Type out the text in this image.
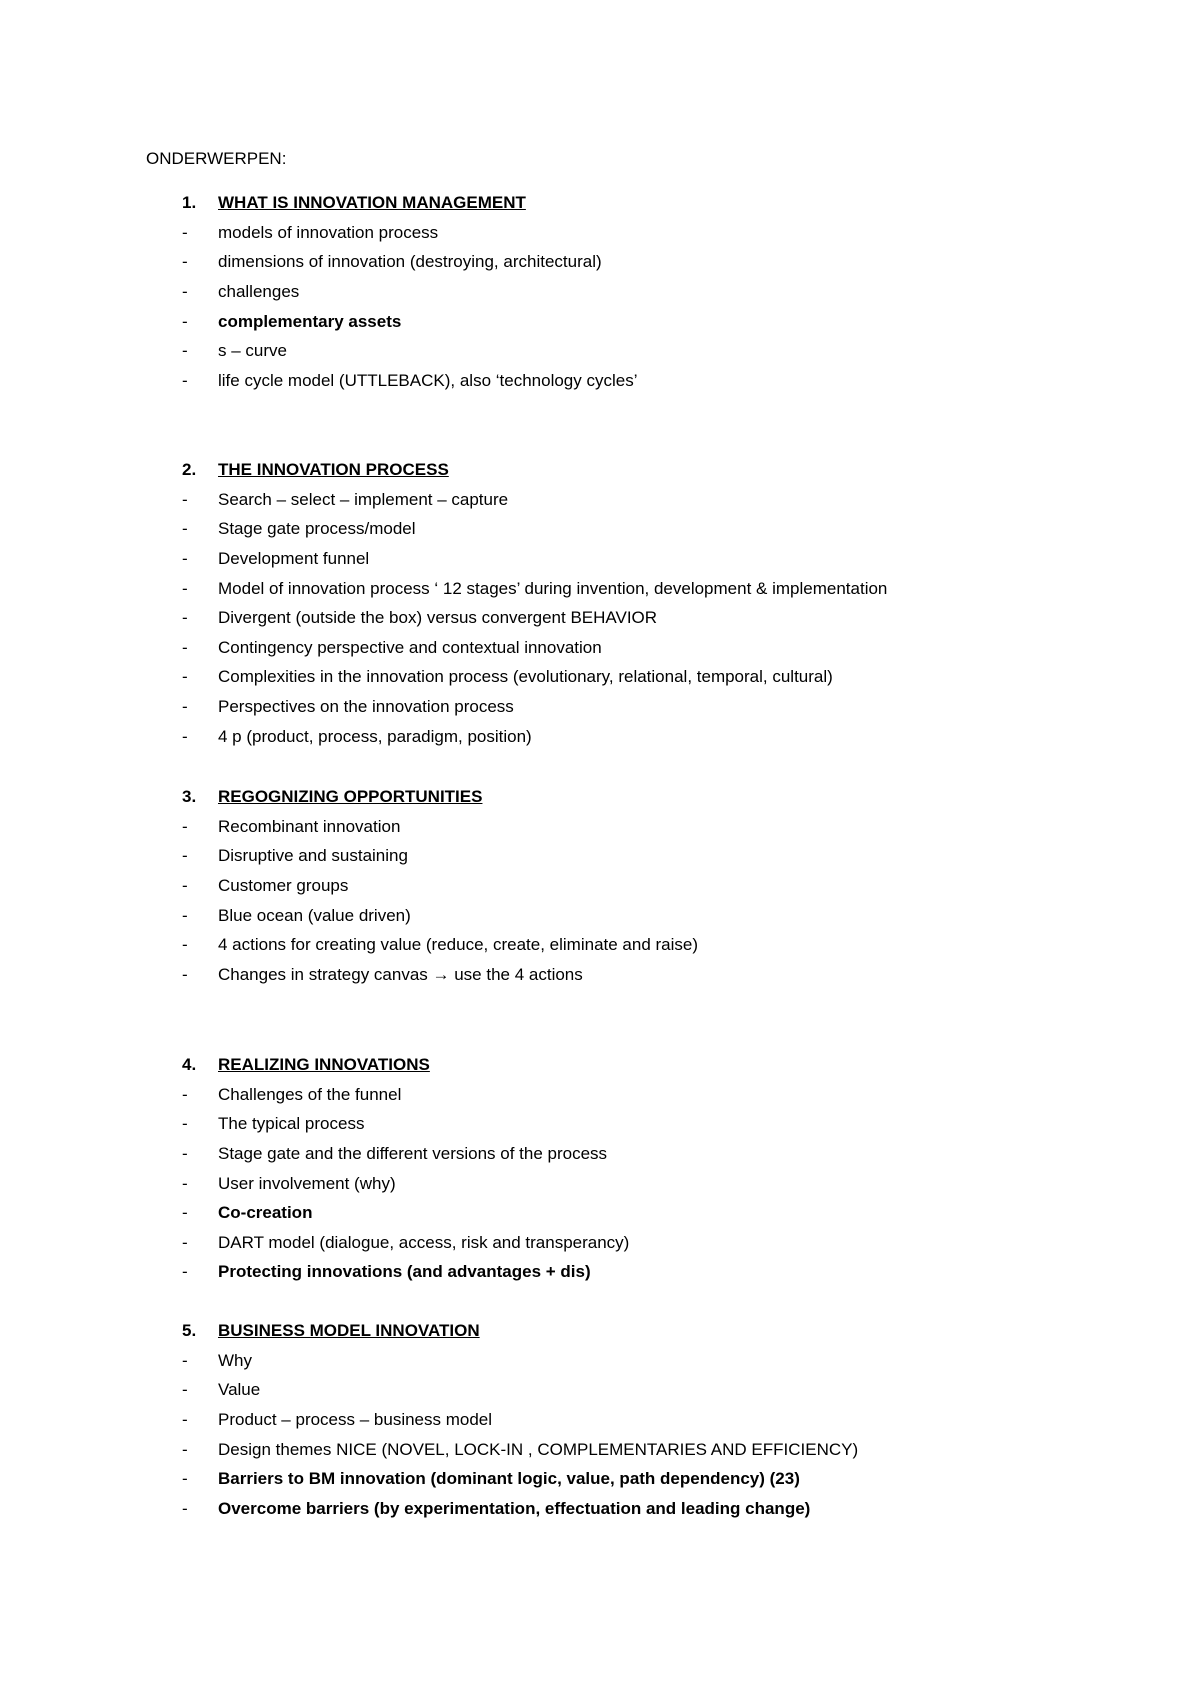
ONDERWERPEN:
1.	WHAT IS INNOVATION MANAGEMENT
-	models of innovation process
-	dimensions of innovation (destroying, architectural)
-	challenges
-	complementary assets
-	s – curve
-	life cycle model (UTTLEBACK), also ‘technology cycles’
2.	THE INNOVATION PROCESS
-	Search – select – implement – capture
-	Stage gate process/model
-	Development funnel
-	Model of innovation process ‘ 12 stages’ during invention, development & implementation
-	Divergent (outside the box) versus convergent BEHAVIOR
-	Contingency perspective and contextual innovation
-	Complexities in the innovation process (evolutionary, relational, temporal, cultural)
-	Perspectives on the innovation process
-	4 p (product, process, paradigm, position)
3.	REGOGNIZING OPPORTUNITIES
-	Recombinant innovation
-	Disruptive and sustaining
-	Customer groups
-	Blue ocean (value driven)
-	4 actions for creating value (reduce, create, eliminate and raise)
-	Changes in strategy canvas → use the 4 actions
4.	REALIZING INNOVATIONS
-	Challenges of the funnel
-	The typical process
-	Stage gate and the different versions of the process
-	User involvement (why)
-	Co-creation
-	DART model (dialogue, access, risk and transperancy)
-	Protecting innovations (and advantages + dis)
5.	BUSINESS MODEL INNOVATION
-	Why
-	Value
-	Product – process – business model
-	Design themes NICE (NOVEL, LOCK-IN , COMPLEMENTARIES AND EFFICIENCY)
-	Barriers to BM innovation (dominant logic, value, path dependency) (23)
-	Overcome barriers (by experimentation, effectuation and leading change)
